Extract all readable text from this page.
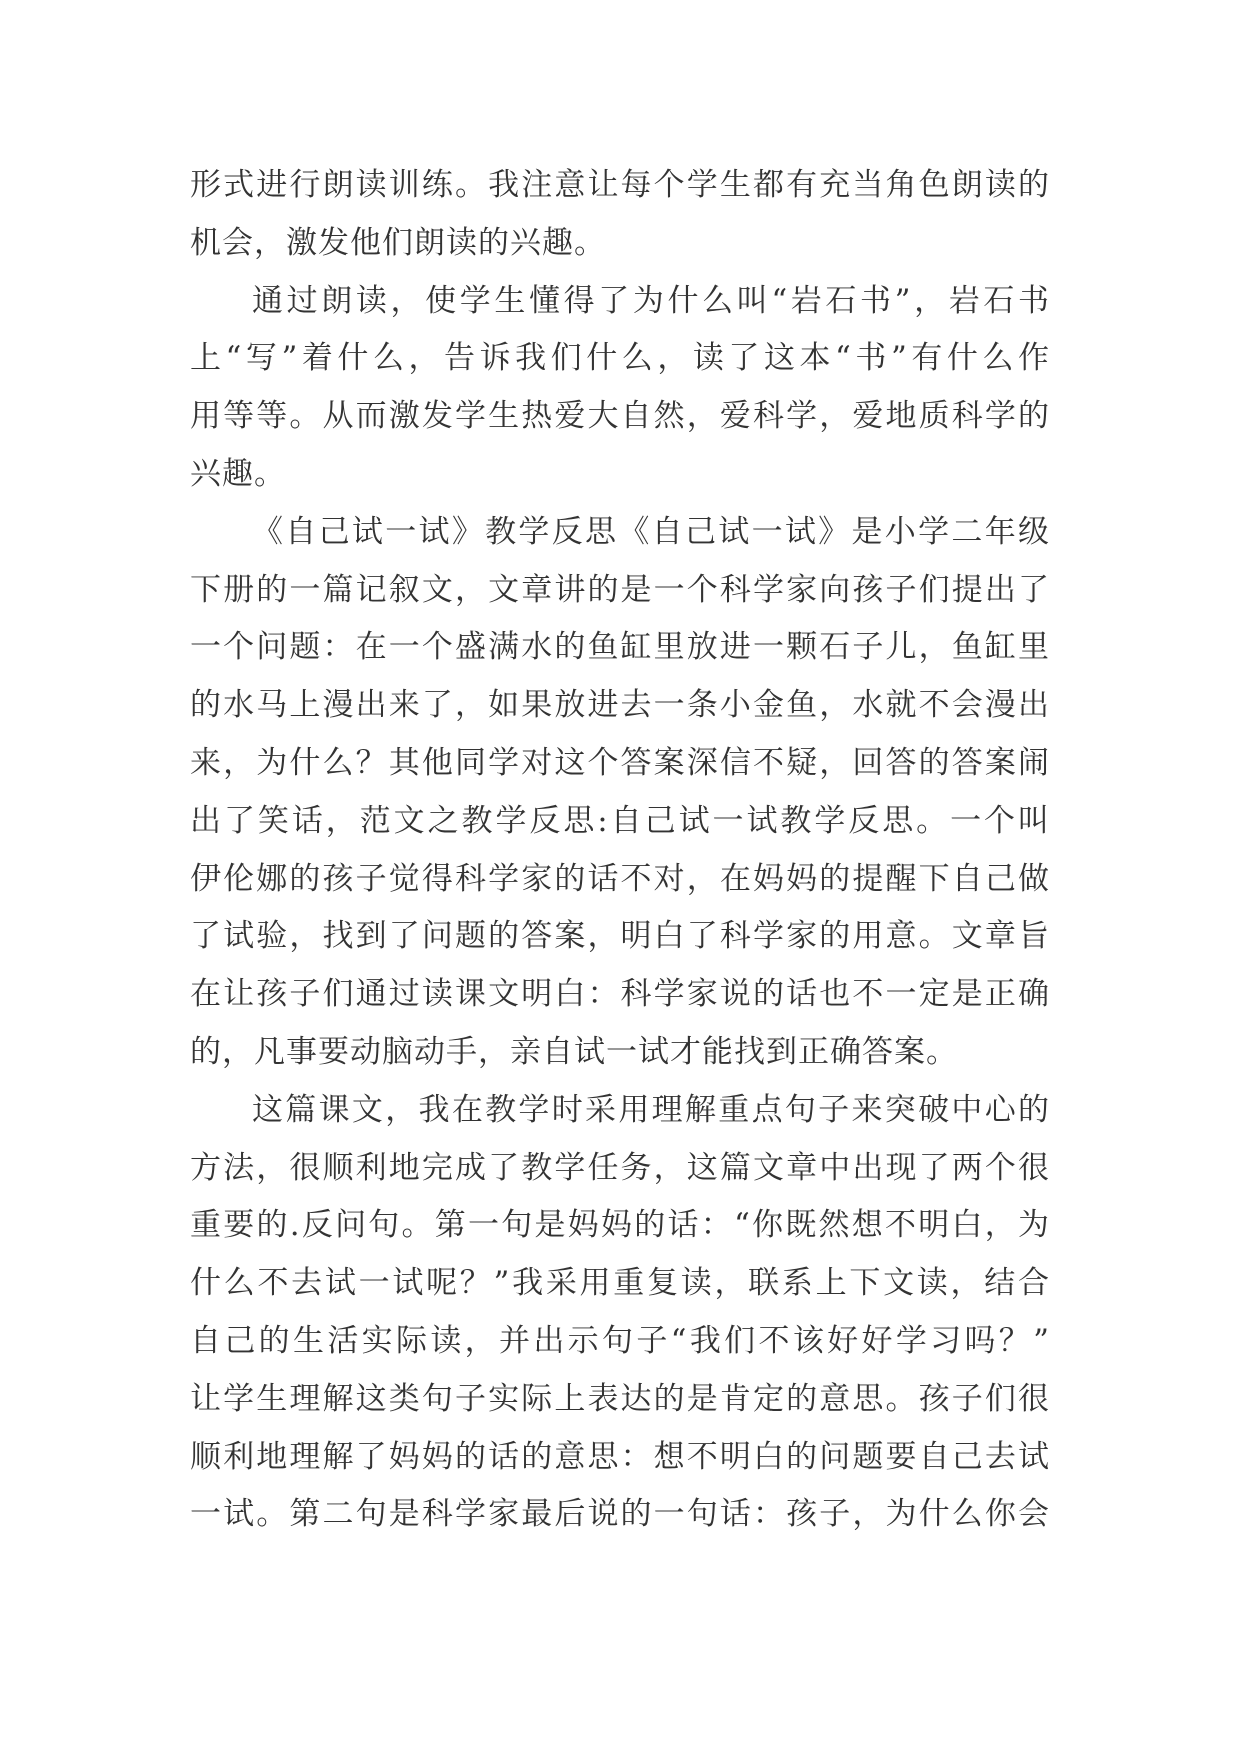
形式进行朗读训练。我注意让每个学生都有充当角色朗读的
机会，激发他们朗读的兴趣。
通过朗读，使学生懂得了为什么叫“岩石书”，岩石书
上“写”着什么，告诉我们什么，读了这本“书”有什么作
用等等。从而激发学生热爱大自然，爱科学，爱地质科学的
兴趣。
《自己试一试》教学反思《自己试一试》是小学二年级
下册的一篇记叙文，文章讲的是一个科学家向孩子们提出了
一个问题：在一个盛满水的鱼缸里放进一颗石子儿，鱼缸里
的水马上漫出来了，如果放进去一条小金鱼，水就不会漫出
来，为什么？其他同学对这个答案深信不疑，回答的答案闹
出了笑话，范文之教学反思:自己试一试教学反思。一个叫
伊伦娜的孩子觉得科学家的话不对，在妈妈的提醒下自己做
了试验，找到了问题的答案，明白了科学家的用意。文章旨
在让孩子们通过读课文明白：科学家说的话也不一定是正确
的，凡事要动脑动手，亲自试一试才能找到正确答案。
这篇课文，我在教学时采用理解重点句子来突破中心的
方法，很顺利地完成了教学任务，这篇文章中出现了两个很
重要的.反问句。第一句是妈妈的话：“你既然想不明白，为
什么不去试一试呢？”我采用重复读，联系上下文读，结合
自己的生活实际读，并出示句子“我们不该好好学习吗？”
让学生理解这类句子实际上表达的是肯定的意思。孩子们很
顺利地理解了妈妈的话的意思：想不明白的问题要自己去试
一试。第二句是科学家最后说的一句话：孩子，为什么你会
